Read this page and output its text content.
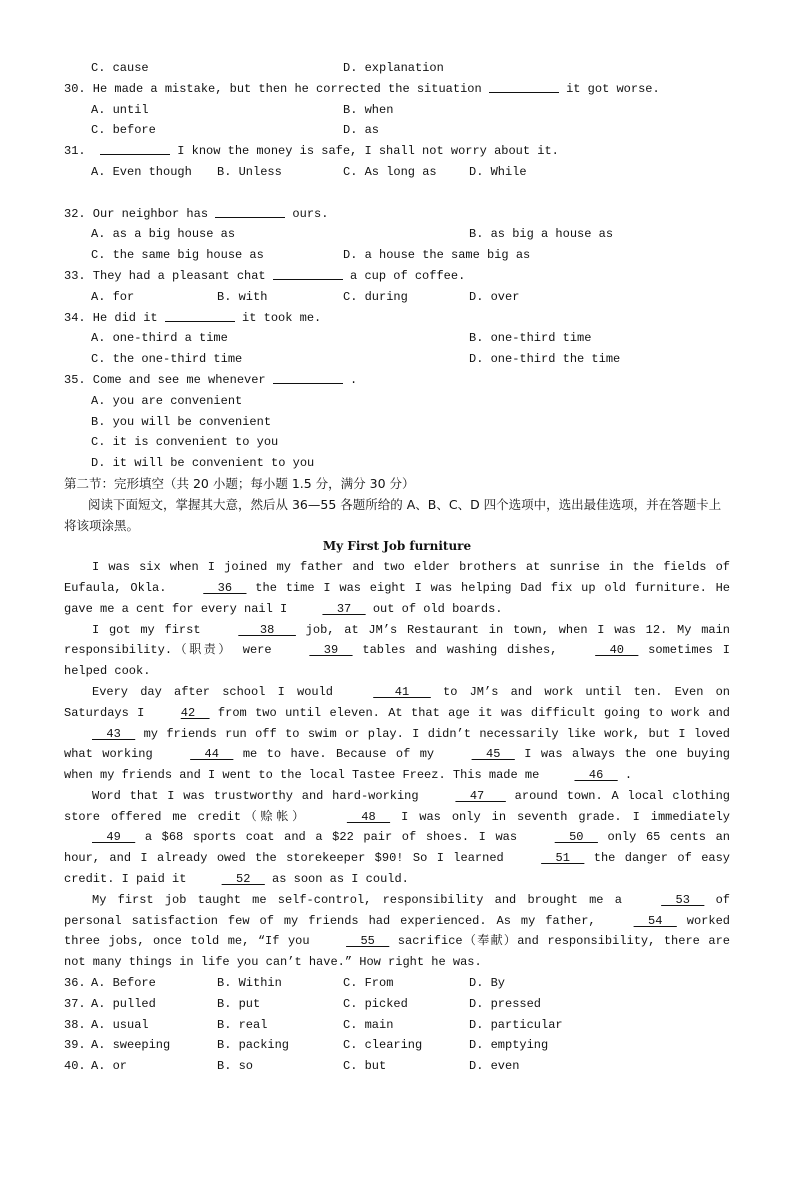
C. cause

	D. explanation

30. He made a mistake, but then he corrected the situation	it got worse.

A. until

	B. when

C. before

	D. as

31.	I know the money is safe, I shall not worry about it.

A. Even though

B. Unless

	C. As long as

	D. While

32. Our neighbor has	ours.

A. as a big house as

	B. as big a house as

C. the same big house as

	D. a house the same big as

33. They had a pleasant chat	a cup of coffee.

A. for

	B. with

	C. during

	D. over

34. He did it	it took me.

A. one-third a time

	B. one-third time

C. the one-third time

	D. one-third the time

35. Come and see me whenever	.
A. you are convenient
B. you will be convenient
C. it is convenient to you
D. it will be convenient to you
第二节：完形填空（共 20 小题；每小题 1.5 分，满分 30 分）
阅读下面短文，掌握其大意，然后从 36—55 各题所给的 A、B、C、D 四个选项中，选出最佳选项，并在答题卡上将该项涂黑。
My First Job furniture
I was six when I joined my father and two elder brothers at sunrise in the fields of Eufaula, Okla.   36   the time I was eight I was helping Dad fix up old furniture. He gave me a cent for every nail I   37   out of old boards.
I got my first    38    job, at JM’s Restaurant in town, when I was 12. My main responsibility.（职责） were   39   tables and washing dishes,   40   sometimes I helped cook.
Every day after school I would    41    to JM’s and work until ten. Even on Saturdays I 42   from two until eleven. At that age it was difficult going to work and   43   my friends run off to swim or play. I didn’t necessarily like work, but I loved what working   44   me to have. Because of my   45   I was always the one buying when my friends and I went to the local Tastee Freez. This made me   46   .
Word that I was trustworthy and hard-working   47    around town. A local clothing store offered me credit（赊帐）   48   I was only in seventh grade. I immediately   49   a $68 sports coat and a $22 pair of shoes. I was   50   only 65 cents an hour, and I already owed the storekeeper $90! So I learned   51   the danger of easy credit. I paid it   52   as soon as I could.
My first job taught me self-control, responsibility and brought me a   53   of personal satisfaction few of my friends had experienced. As my father,   54   worked three jobs, once told me, “If you   55   sacrifice（奉献）and responsibility, there are not many things in life you can’t have.” How right he was.

36.

A. Before

	B. Within

	C. From

	D. By

37.

A. pulled

	B. put

	C. picked

	D. pressed

38.

A. usual

	B. real

	C. main

	D. particular

39.

A. sweeping

	B. packing

	C. clearing

	D. emptying

40.

A. or

	B. so

	C. but

	D. even
